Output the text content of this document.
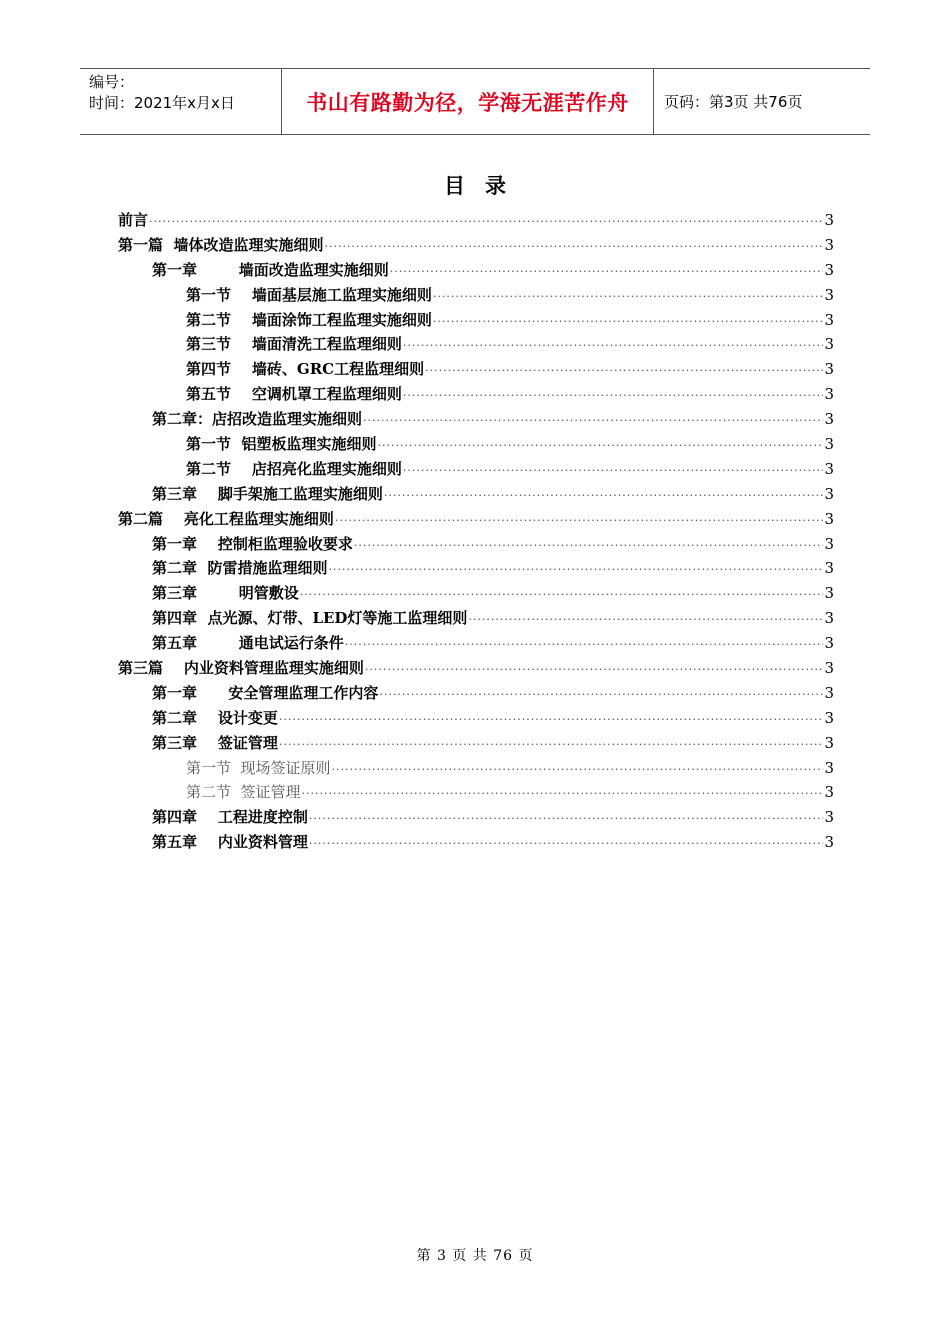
编号：
时间：2021年x月x日	书山有路勤为径，学海无涯苦作舟	页码：第3页 共76页
目录
前言 ·····	3
第一篇  墙体改造监理实施细则 ·····	3
第一章        墙面改造监理实施细则 ·····	3
第一节    墙面基层施工监理实施细则 ·····	3
第二节    墙面涂饰工程监理实施细则 ·····	3
第三节    墙面清洗工程监理细则 ·····	3
第四节    墙砖、GRC工程监理细则 ·····	3
第五节    空调机罩工程监理细则 ·····	3
第二章：店招改造监理实施细则 ·····	3
第一节  铝塑板监理实施细则 ·····	3
第二节    店招亮化监理实施细则 ·····	3
第三章    脚手架施工监理实施细则 ·····	3
第二篇    亮化工程监理实施细则 ·····	3
第一章    控制柜监理验收要求 ·····	3
第二章  防雷措施监理细则 ·····	3
第三章        明管敷设 ·····	3
第四章  点光源、灯带、LED灯等施工监理细则 ·····	3
第五章        通电试运行条件 ·····	3
第三篇    内业资料管理监理实施细则 ·····	3
第一章      安全管理监理工作内容 ·····	3
第二章    设计变更 ·····	3
第三章    签证管理 ·····	3
第一节  现场签证原则 ·····	3
第二节  签证管理 ·····	3
第四章    工程进度控制 ·····	3
第五章    内业资料管理 ·····	3
第 3 页 共 76 页
